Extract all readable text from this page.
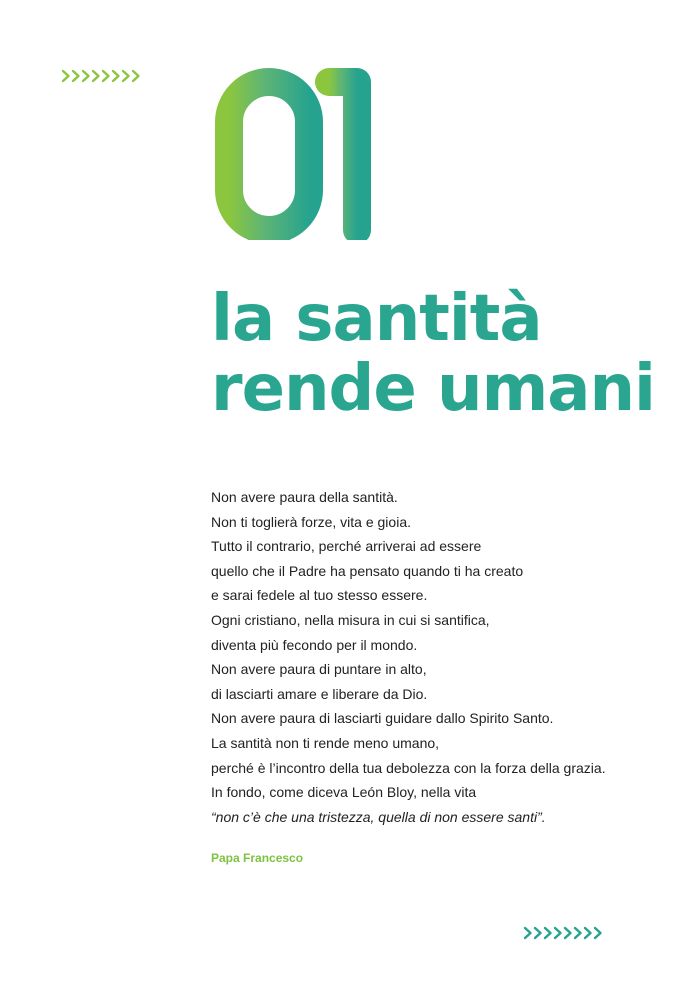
la santità
rende umani

Non avere paura della santità.

Non ti toglierà forze, vita e gioia.

Tutto il contrario, perché arriverai ad essere

quello che il Padre ha pensato quando ti ha creato

e sarai fedele al tuo stesso essere.

Ogni cristiano, nella misura in cui si santifica,

diventa più fecondo per il mondo.

Non avere paura di puntare in alto,

di lasciarti amare e liberare da Dio.

Non avere paura di lasciarti guidare dallo Spirito Santo.

La santità non ti rende meno umano,

perché è l’incontro della tua debolezza con la forza della grazia.

In fondo, come diceva León Bloy, nella vita

“non c’è che una tristezza, quella di non essere santi”.

Papa Francesco
